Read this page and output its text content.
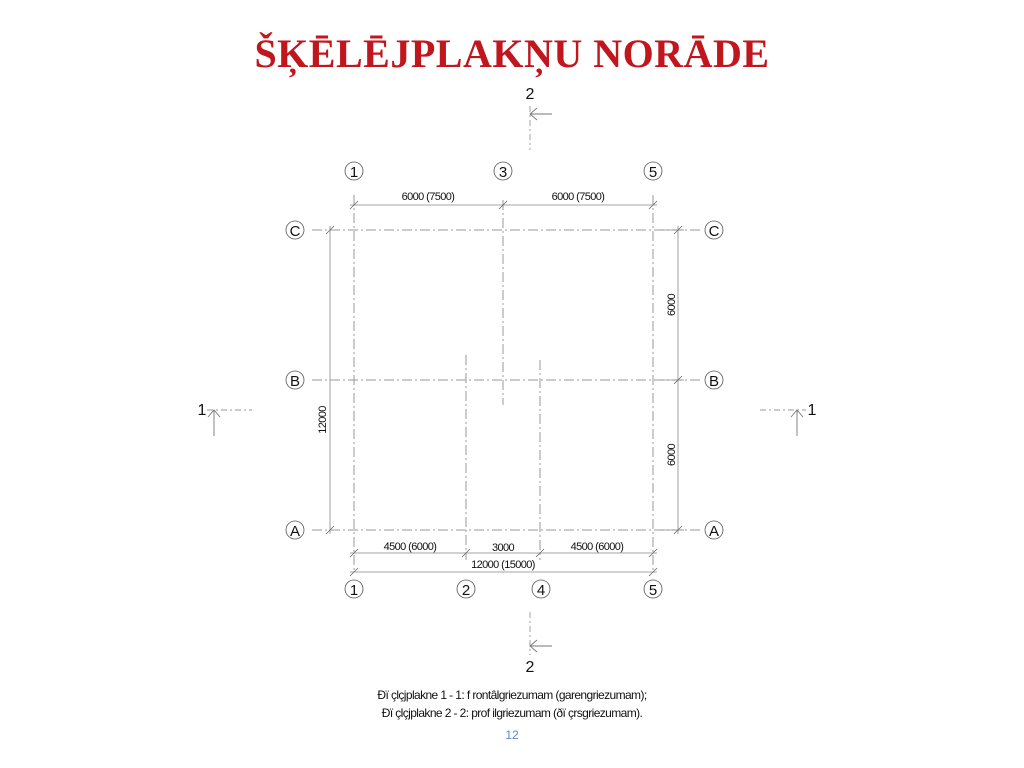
ŠĶĒLĒJPLAKŅU NORĀDE
6000 (7500)	6000 (7500)
6000
6000
12000
4500 (6000)	3000	4500 (6000)
12000 (15000)
1	3	5
1	2	4	5
C
B
A
C
B
A
2
2
1	1
Ðï çlçjplakne 1 - 1: f rontâlgriezumam (garengriezumam);
Ðï çlçjplakne 2 - 2: prof ilgriezumam (ðï çrsgriezumam).
12
